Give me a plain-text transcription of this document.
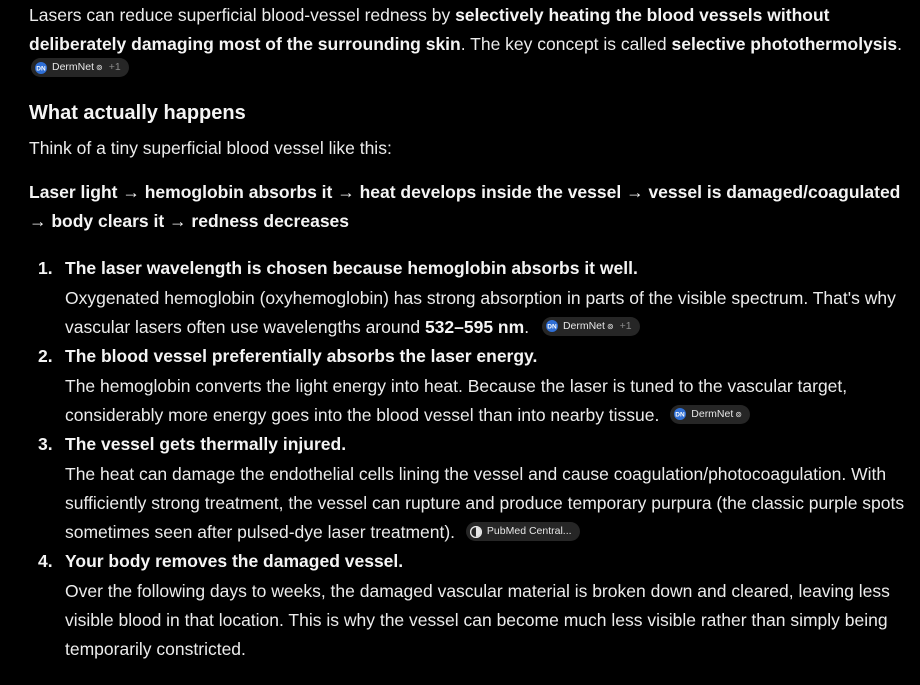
Lasers can reduce superficial blood-vessel redness by selectively heating the blood vessels without deliberately damaging most of the surrounding skin. The key concept is called selective photothermolysis.

DN DermNet ⊚ +1
What actually happens

Think of a tiny superficial blood vessel like this:

Laser light → hemoglobin absorbs it → heat develops inside the vessel → vessel is damaged/coagulated → body clears it → redness decreases

1. The laser wavelength is chosen because hemoglobin absorbs it well.
Oxygenated hemoglobin (oxyhemoglobin) has strong absorption in parts of the visible spectrum. That's why vascular lasers often use wavelengths around 532–595 nm.	DN DermNet ⊚ +1
2. The blood vessel preferentially absorbs the laser energy.
The hemoglobin converts the light energy into heat. Because the laser is tuned to the vascular target, considerably more energy goes into the blood vessel than into nearby tissue. DN DermNet ⊚
3. The vessel gets thermally injured.
The heat can damage the endothelial cells lining the vessel and cause coagulation/photocoagulation. With sufficiently strong treatment, the vessel can rupture and produce temporary purpura (the classic purple spots sometimes seen after pulsed-dye laser treatment).	PubMed Central...
4. Your body removes the damaged vessel.
Over the following days to weeks, the damaged vascular material is broken down and cleared, leaving less visible blood in that location. This is why the vessel can become much less visible rather than simply being temporarily constricted.
